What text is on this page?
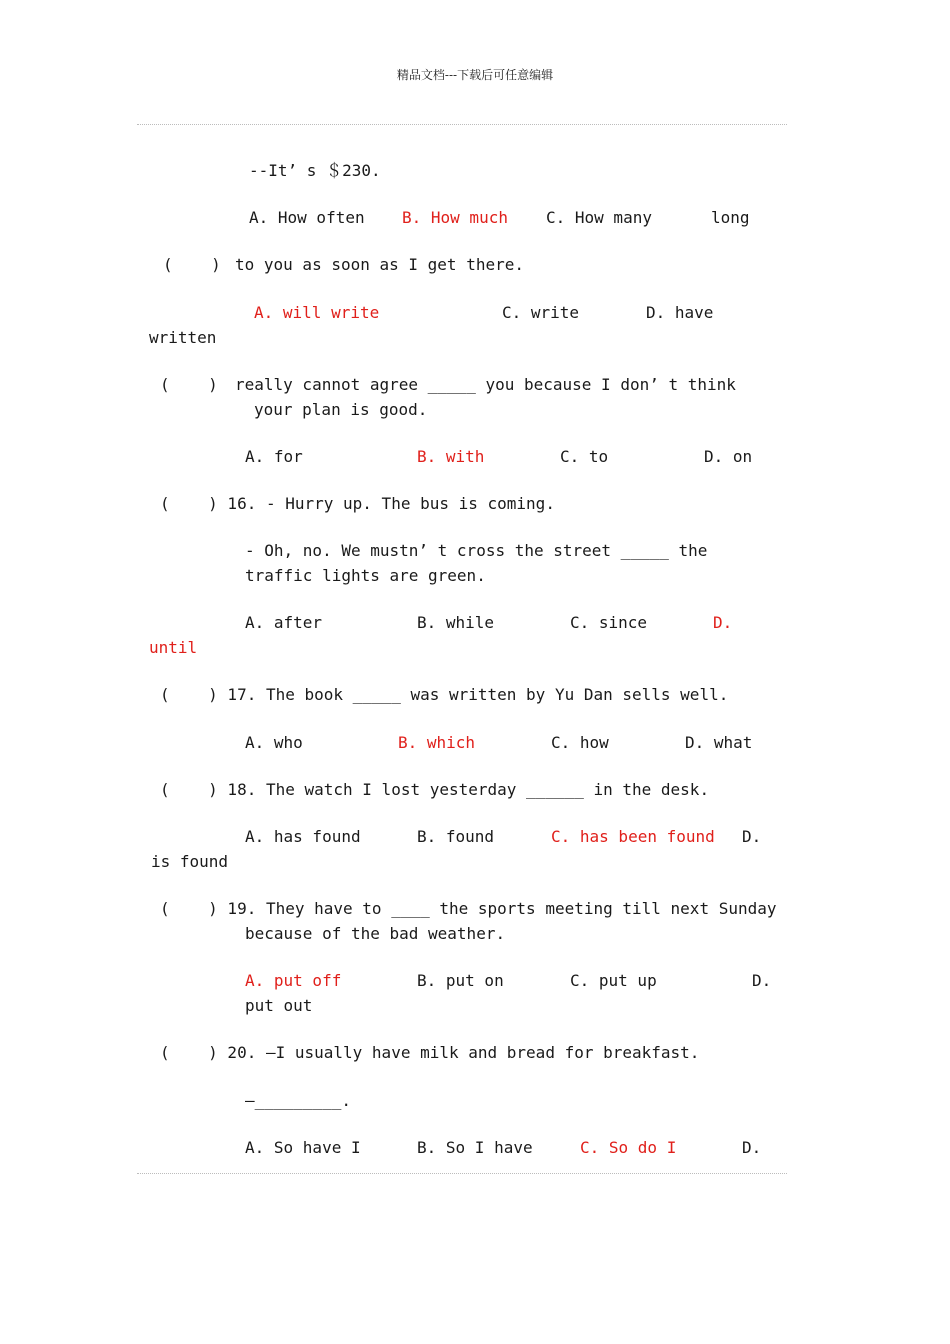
精品文档---下载后可任意编辑
--It’ s ＄230.
A. How often B. How much C. How many	long
(    ) to you as soon as I get there.
A. will write	C. write	D. have
written
(    ) really cannot agree _____ you because I don’ t think
your plan is good.
A. for	B. with	C. to	D. on
(    ) 16. - Hurry up. The bus is coming.
- Oh, no. We mustn’ t cross the street _____ the
traffic lights are green.
A. after	B. while	C. since	D.
until
(    ) 17. The book _____ was written by Yu Dan sells well.
A. who	B. which	C. how	D. what
(    ) 18. The watch I lost yesterday ______ in the desk.
A. has found	B. found	C. has been found D.
is found
(    ) 19. They have to ____ the sports meeting till next Sunday
because of the bad weather.
A. put off	B. put on	C. put up	D.
put out
(    ) 20. –I usually have milk and bread for breakfast.
–_________.
A. So have I	B. So I have	C. So do I	D.
